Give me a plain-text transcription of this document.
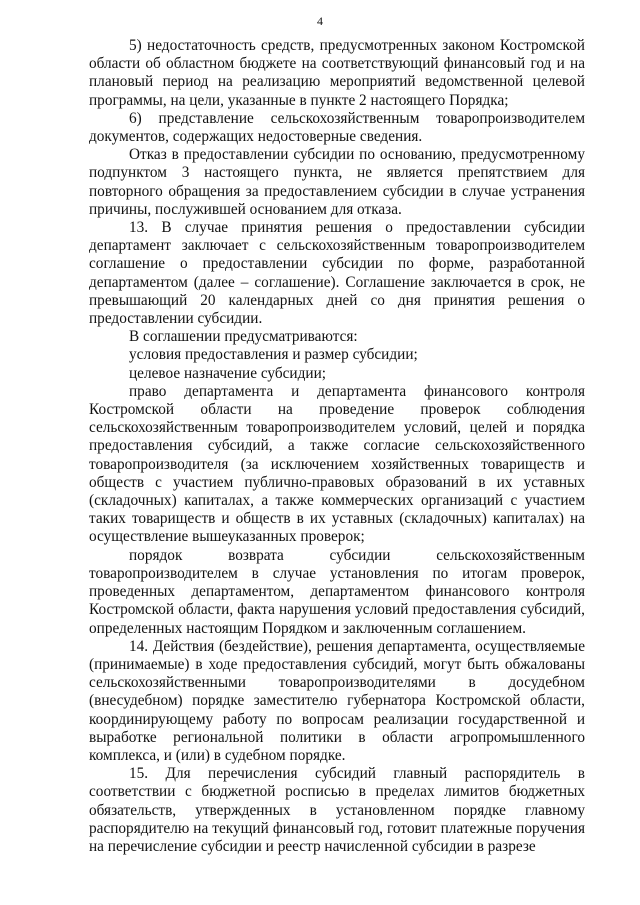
4

5) недостаточность средств, предусмотренных законом Костромской области об областном бюджете на соответствующий финансовый год и на плановый период на реализацию мероприятий ведомственной целевой программы, на цели, указанные в пункте 2 настоящего Порядка;

6) представление сельскохозяйственным товаропроизводителем документов, содержащих недостоверные сведения.

Отказ в предоставлении субсидии по основанию, предусмотренному подпунктом 3 настоящего пункта, не является препятствием для повторного обращения за предоставлением субсидии в случае устранения причины, послужившей основанием для отказа.

13. В случае принятия решения о предоставлении субсидии департамент заключает с сельскохозяйственным товаропроизводителем соглашение о предоставлении субсидии по форме, разработанной департаментом (далее – соглашение). Соглашение заключается в срок, не превышающий 20 календарных дней со дня принятия решения о предоставлении субсидии.

В соглашении предусматриваются:

условия предоставления и размер субсидии;

целевое назначение субсидии;

право департамента и департамента финансового контроля Костромской области на проведение проверок соблюдения сельскохозяйственным товаропроизводителем условий, целей и порядка предоставления субсидий, а также согласие сельскохозяйственного товаропроизводителя (за исключением хозяйственных товариществ и обществ с участием публично-правовых образований в их уставных (складочных) капиталах, а также коммерческих организаций с участием таких товариществ и обществ в их уставных (складочных) капиталах) на осуществление вышеуказанных проверок;

порядок возврата субсидии сельскохозяйственным товаропроизводителем в случае установления по итогам проверок, проведенных департаментом, департаментом финансового контроля Костромской области, факта нарушения условий предоставления субсидий, определенных настоящим Порядком и заключенным соглашением.

14. Действия (бездействие), решения департамента, осуществляемые (принимаемые) в ходе предоставления субсидий, могут быть обжалованы сельскохозяйственными товаропроизводителями в досудебном (внесудебном) порядке заместителю губернатора Костромской области, координирующему работу по вопросам реализации государственной и выработке региональной политики в области агропромышленного комплекса, и (или) в судебном порядке.

15. Для перечисления субсидий главный распорядитель в соответствии с бюджетной росписью в пределах лимитов бюджетных обязательств, утвержденных в установленном порядке главному распорядителю на текущий финансовый год, готовит платежные поручения на перечисление субсидии и реестр начисленной субсидии в разрезе
